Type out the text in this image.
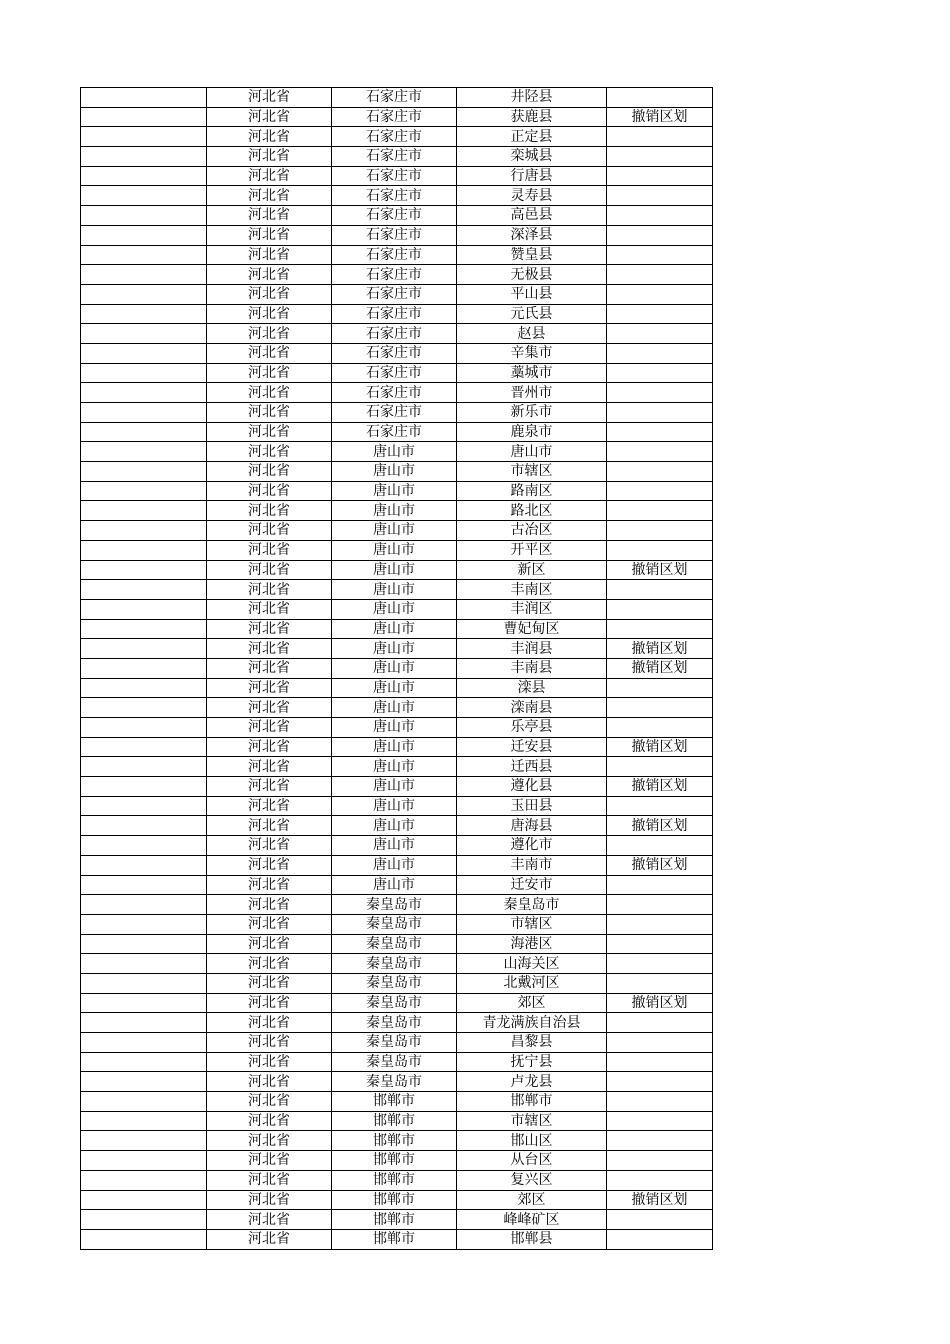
	河北省	石家庄市	井陉县	
	河北省	石家庄市	获鹿县	撤销区划
	河北省	石家庄市	正定县	
	河北省	石家庄市	栾城县	
	河北省	石家庄市	行唐县	
	河北省	石家庄市	灵寿县	
	河北省	石家庄市	高邑县	
	河北省	石家庄市	深泽县	
	河北省	石家庄市	赞皇县	
	河北省	石家庄市	无极县	
	河北省	石家庄市	平山县	
	河北省	石家庄市	元氏县	
	河北省	石家庄市	赵县	
	河北省	石家庄市	辛集市	
	河北省	石家庄市	藁城市	
	河北省	石家庄市	晋州市	
	河北省	石家庄市	新乐市	
	河北省	石家庄市	鹿泉市	
	河北省	唐山市	唐山市	
	河北省	唐山市	市辖区	
	河北省	唐山市	路南区	
	河北省	唐山市	路北区	
	河北省	唐山市	古冶区	
	河北省	唐山市	开平区	
	河北省	唐山市	新区	撤销区划
	河北省	唐山市	丰南区	
	河北省	唐山市	丰润区	
	河北省	唐山市	曹妃甸区	
	河北省	唐山市	丰润县	撤销区划
	河北省	唐山市	丰南县	撤销区划
	河北省	唐山市	滦县	
	河北省	唐山市	滦南县	
	河北省	唐山市	乐亭县	
	河北省	唐山市	迁安县	撤销区划
	河北省	唐山市	迁西县	
	河北省	唐山市	遵化县	撤销区划
	河北省	唐山市	玉田县	
	河北省	唐山市	唐海县	撤销区划
	河北省	唐山市	遵化市	
	河北省	唐山市	丰南市	撤销区划
	河北省	唐山市	迁安市	
	河北省	秦皇岛市	秦皇岛市	
	河北省	秦皇岛市	市辖区	
	河北省	秦皇岛市	海港区	
	河北省	秦皇岛市	山海关区	
	河北省	秦皇岛市	北戴河区	
	河北省	秦皇岛市	郊区	撤销区划
	河北省	秦皇岛市	青龙满族自治县	
	河北省	秦皇岛市	昌黎县	
	河北省	秦皇岛市	抚宁县	
	河北省	秦皇岛市	卢龙县	
	河北省	邯郸市	邯郸市	
	河北省	邯郸市	市辖区	
	河北省	邯郸市	邯山区	
	河北省	邯郸市	从台区	
	河北省	邯郸市	复兴区	
	河北省	邯郸市	郊区	撤销区划
	河北省	邯郸市	峰峰矿区	
	河北省	邯郸市	邯郸县	
